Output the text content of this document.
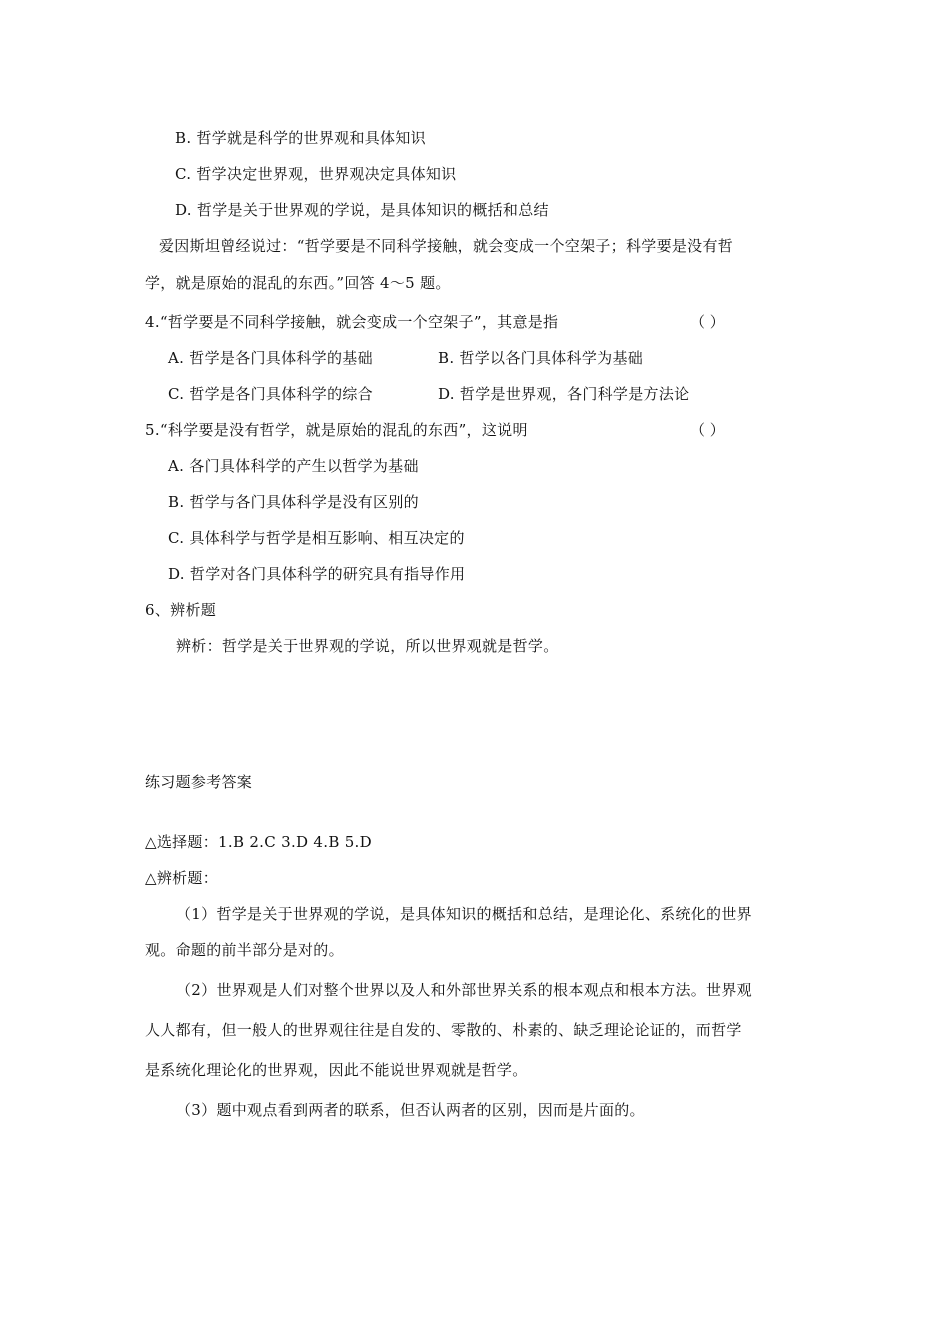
B. 哲学就是科学的世界观和具体知识
C. 哲学决定世界观，世界观决定具体知识
D. 哲学是关于世界观的学说，是具体知识的概括和总结
爱因斯坦曾经说过：“哲学要是不同科学接触，就会变成一个空架子；科学要是没有哲
学，就是原始的混乱的东西。”回答 4～5 题。
4.“哲学要是不同科学接触，就会变成一个空架子”，其意是指	（ ）
A. 哲学是各门具体科学的基础	B. 哲学以各门具体科学为基础
C. 哲学是各门具体科学的综合	D. 哲学是世界观，各门科学是方法论
5.“科学要是没有哲学，就是原始的混乱的东西”，这说明	（ ）
A. 各门具体科学的产生以哲学为基础
B. 哲学与各门具体科学是没有区别的
C. 具体科学与哲学是相互影响、相互决定的
D. 哲学对各门具体科学的研究具有指导作用
6、辨析题
辨析：哲学是关于世界观的学说，所以世界观就是哲学。
练习题参考答案
△选择题：1.B 2.C 3.D 4.B 5.D
△辨析题：
（1）哲学是关于世界观的学说，是具体知识的概括和总结，是理论化、系统化的世界
观。命题的前半部分是对的。
（2）世界观是人们对整个世界以及人和外部世界关系的根本观点和根本方法。世界观
人人都有，但一般人的世界观往往是自发的、零散的、朴素的、缺乏理论论证的，而哲学
是系统化理论化的世界观，因此不能说世界观就是哲学。
（3）题中观点看到两者的联系，但否认两者的区别，因而是片面的。
